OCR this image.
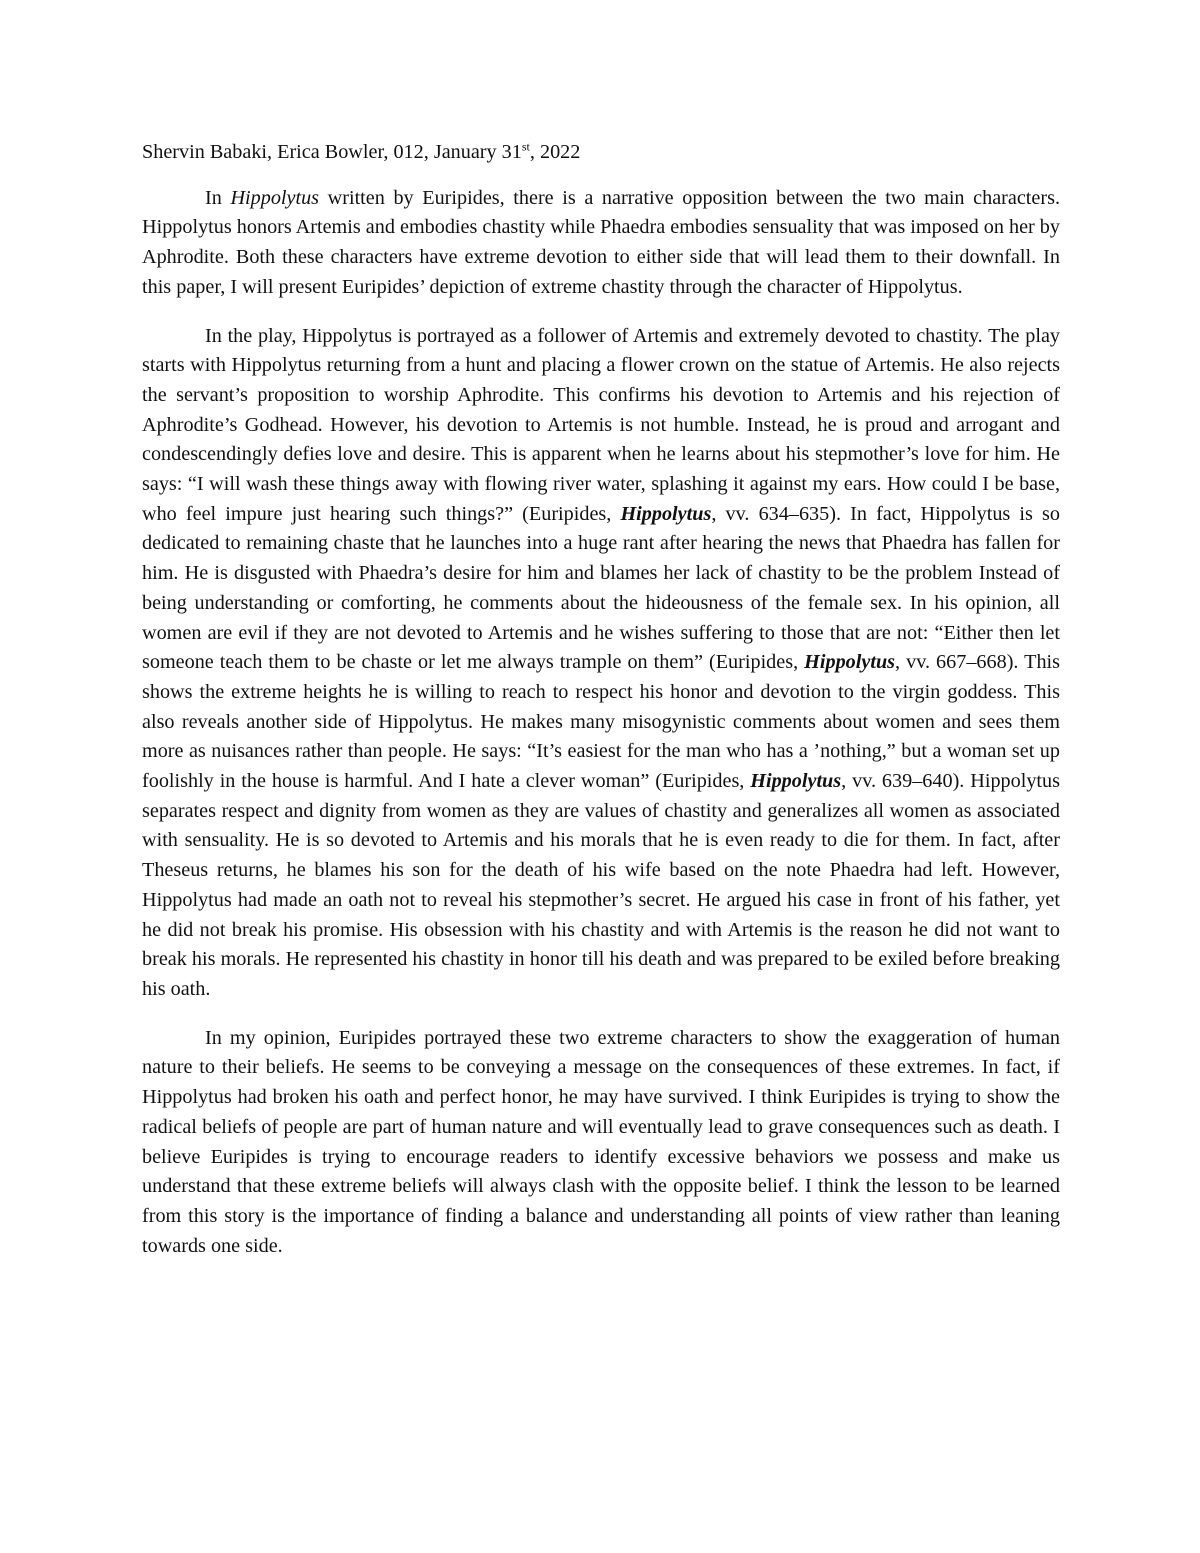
Shervin Babaki, Erica Bowler, 012, January 31st, 2022

In Hippolytus written by Euripides, there is a narrative opposition between the two main characters. Hippolytus honors Artemis and embodies chastity while Phaedra embodies sensuality that was imposed on her by Aphrodite. Both these characters have extreme devotion to either side that will lead them to their downfall. In this paper, I will present Euripides’ depiction of extreme chastity through the character of Hippolytus.

In the play, Hippolytus is portrayed as a follower of Artemis and extremely devoted to chastity. The play starts with Hippolytus returning from a hunt and placing a flower crown on the statue of Artemis. He also rejects the servant’s proposition to worship Aphrodite. This confirms his devotion to Artemis and his rejection of Aphrodite’s Godhead. However, his devotion to Artemis is not humble. Instead, he is proud and arrogant and condescendingly defies love and desire. This is apparent when he learns about his stepmother’s love for him. He says: “I will wash these things away with flowing river water, splashing it against my ears. How could I be base, who feel impure just hearing such things?” (Euripides, Hippolytus, vv. 634–635). In fact, Hippolytus is so dedicated to remaining chaste that he launches into a huge rant after hearing the news that Phaedra has fallen for him. He is disgusted with Phaedra’s desire for him and blames her lack of chastity to be the problem Instead of being understanding or comforting, he comments about the hideousness of the female sex. In his opinion, all women are evil if they are not devoted to Artemis and he wishes suffering to those that are not: “Either then let someone teach them to be chaste or let me always trample on them” (Euripides, Hippolytus, vv. 667–668). This shows the extreme heights he is willing to reach to respect his honor and devotion to the virgin goddess. This also reveals another side of Hippolytus. He makes many misogynistic comments about women and sees them more as nuisances rather than people. He says: “It’s easiest for the man who has a ’nothing,” but a woman set up foolishly in the house is harmful. And I hate a clever woman” (Euripides, Hippolytus, vv. 639–640). Hippolytus separates respect and dignity from women as they are values of chastity and generalizes all women as associated with sensuality. He is so devoted to Artemis and his morals that he is even ready to die for them. In fact, after Theseus returns, he blames his son for the death of his wife based on the note Phaedra had left. However, Hippolytus had made an oath not to reveal his stepmother’s secret. He argued his case in front of his father, yet he did not break his promise. His obsession with his chastity and with Artemis is the reason he did not want to break his morals. He represented his chastity in honor till his death and was prepared to be exiled before breaking his oath.

In my opinion, Euripides portrayed these two extreme characters to show the exaggeration of human nature to their beliefs. He seems to be conveying a message on the consequences of these extremes. In fact, if Hippolytus had broken his oath and perfect honor, he may have survived. I think Euripides is trying to show the radical beliefs of people are part of human nature and will eventually lead to grave consequences such as death. I believe Euripides is trying to encourage readers to identify excessive behaviors we possess and make us understand that these extreme beliefs will always clash with the opposite belief. I think the lesson to be learned from this story is the importance of finding a balance and understanding all points of view rather than leaning towards one side.
